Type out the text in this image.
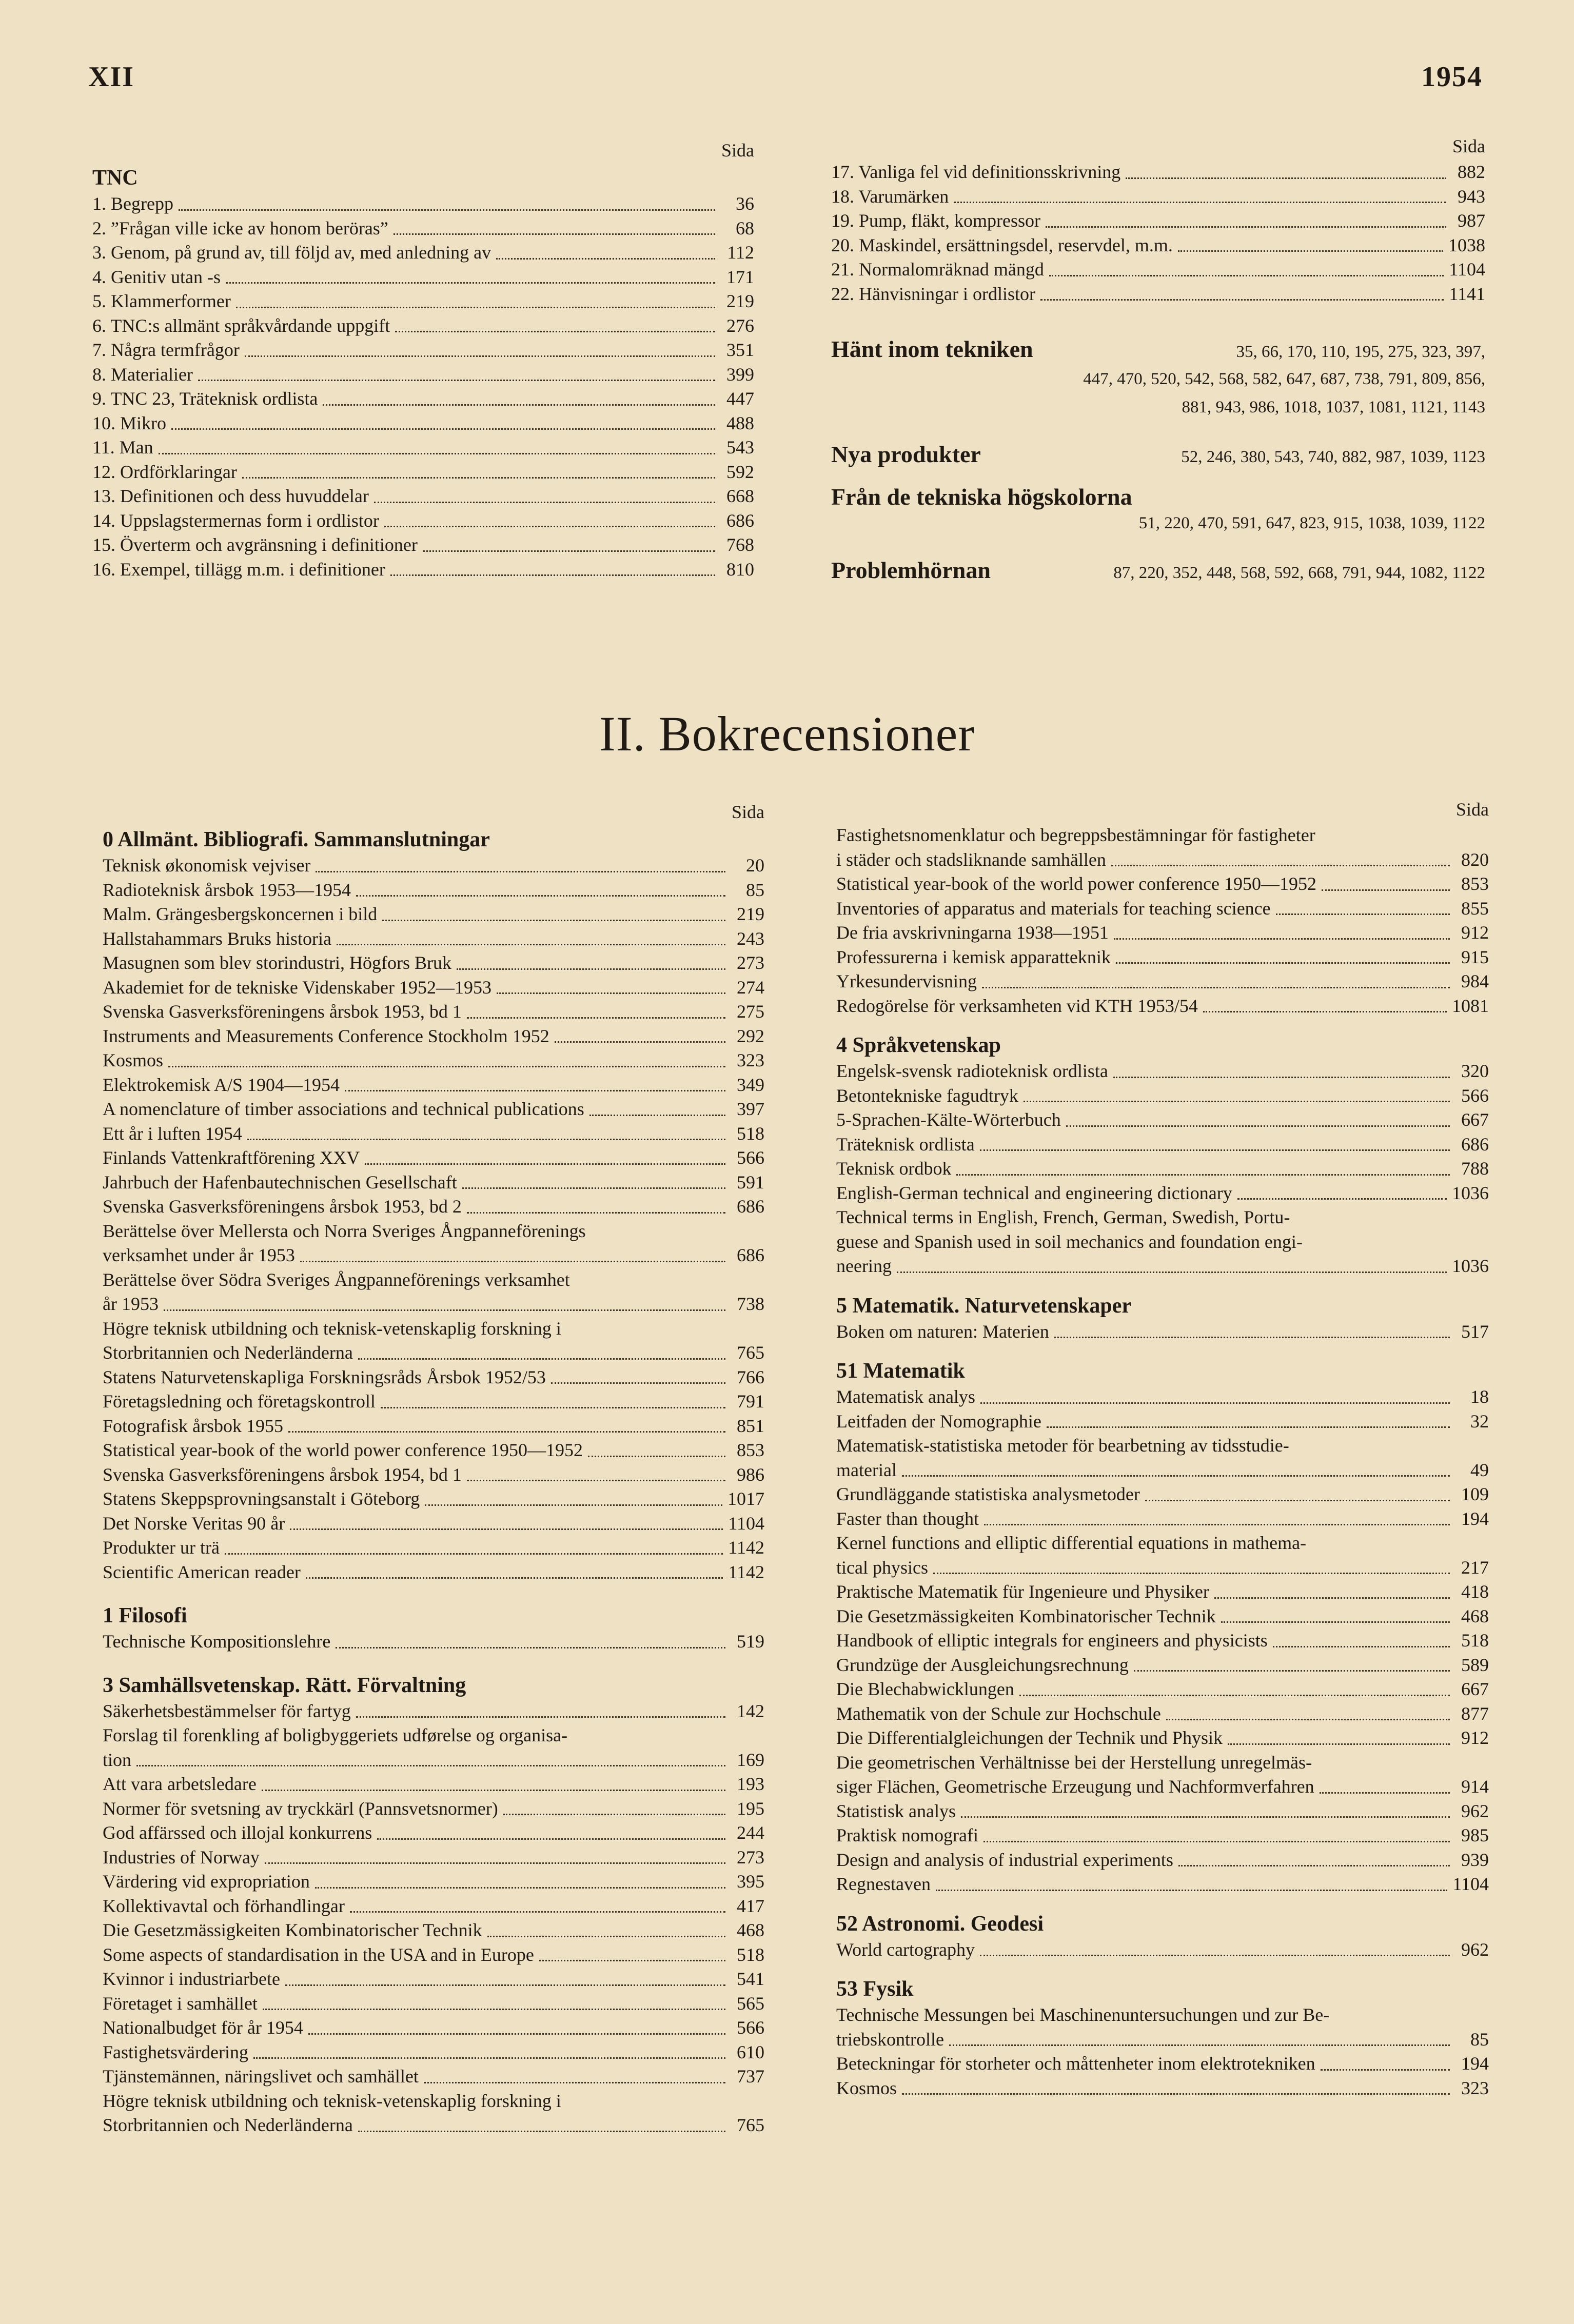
XII	1954
Sida
TNC
1. Begrepp	36
2. ”Frågan ville icke av honom beröras”	68
3. Genom, på grund av, till följd av, med anledning av	112
4. Genitiv utan -s	171
5. Klammerformer	219
6. TNC:s allmänt språkvårdande uppgift	276
7. Några termfrågor	351
8. Materialier	399
9. TNC 23, Träteknisk ordlista	447
10. Mikro	488
11. Man	543
12. Ordförklaringar	592
13. Definitionen och dess huvuddelar	668
14. Uppslagstermernas form i ordlistor	686
15. Överterm och avgränsning i definitioner	768
16. Exempel, tillägg m.m. i definitioner	810
Sida
17. Vanliga fel vid definitionsskrivning	882
18. Varumärken	943
19. Pump, fläkt, kompressor	987
20. Maskindel, ersättningsdel, reservdel, m.m.	1038
21. Normalomräknad mängd	1104
22. Hänvisningar i ordlistor	1141
Hänt inom tekniken	35, 66, 170, 110, 195, 275, 323, 397,
447, 470, 520, 542, 568, 582, 647, 687, 738, 791, 809, 856,
881, 943, 986, 1018, 1037, 1081, 1121, 1143
Nya produkter	52, 246, 380, 543, 740, 882, 987, 1039, 1123
Från de tekniska högskolorna
51, 220, 470, 591, 647, 823, 915, 1038, 1039, 1122
Problemhörnan	87, 220, 352, 448, 568, 592, 668, 791, 944, 1082, 1122
II. Bokrecensioner
Sida
0 Allmänt. Bibliografi. Sammanslutningar
Teknisk økonomisk vejviser	20
Radioteknisk årsbok 1953—1954	85
Malm. Grängesbergskoncernen i bild	219
Hallstahammars Bruks historia	243
Masugnen som blev storindustri, Högfors Bruk	273
Akademiet for de tekniske Videnskaber 1952—1953	274
Svenska Gasverksföreningens årsbok 1953, bd 1	275
Instruments and Measurements Conference Stockholm 1952	292
Kosmos	323
Elektrokemisk A/S 1904—1954	349
A nomenclature of timber associations and technical publications	397
Ett år i luften 1954	518
Finlands Vattenkraftförening XXV	566
Jahrbuch der Hafenbautechnischen Gesellschaft	591
Svenska Gasverksföreningens årsbok 1953, bd 2	686
Berättelse över Mellersta och Norra Sveriges Ångpanneförenings
verksamhet under år 1953	686
Berättelse över Södra Sveriges Ångpanneförenings verksamhet
år 1953	738
Högre teknisk utbildning och teknisk-vetenskaplig forskning i
Storbritannien och Nederländerna	765
Statens Naturvetenskapliga Forskningsråds Årsbok 1952/53	766
Företagsledning och företagskontroll	791
Fotografisk årsbok 1955	851
Statistical year-book of the world power conference 1950—1952	853
Svenska Gasverksföreningens årsbok 1954, bd 1	986
Statens Skeppsprovningsanstalt i Göteborg	1017
Det Norske Veritas 90 år	1104
Produkter ur trä	1142
Scientific American reader	1142
1 Filosofi
Technische Kompositionslehre	519
3 Samhällsvetenskap. Rätt. Förvaltning
Säkerhetsbestämmelser för fartyg	142
Forslag til forenkling af boligbyggeriets udførelse og organisa-
tion	169
Att vara arbetsledare	193
Normer för svetsning av tryckkärl (Pannsvetsnormer)	195
God affärssed och illojal konkurrens	244
Industries of Norway	273
Värdering vid expropriation	395
Kollektivavtal och förhandlingar	417
Die Gesetzmässigkeiten Kombinatorischer Technik	468
Some aspects of standardisation in the USA and in Europe	518
Kvinnor i industriarbete	541
Företaget i samhället	565
Nationalbudget för år 1954	566
Fastighetsvärdering	610
Tjänstemännen, näringslivet och samhället	737
Högre teknisk utbildning och teknisk-vetenskaplig forskning i
Storbritannien och Nederländerna	765
Sida
Fastighetsnomenklatur och begreppsbestämningar för fastigheter
i städer och stadsliknande samhällen	820
Statistical year-book of the world power conference 1950—1952	853
Inventories of apparatus and materials for teaching science	855
De fria avskrivningarna 1938—1951	912
Professurerna i kemisk apparatteknik	915
Yrkesundervisning	984
Redogörelse för verksamheten vid KTH 1953/54	1081
4 Språkvetenskap
Engelsk-svensk radioteknisk ordlista	320
Betontekniske fagudtryk	566
5-Sprachen-Kälte-Wörterbuch	667
Träteknisk ordlista	686
Teknisk ordbok	788
English-German technical and engineering dictionary	1036
Technical terms in English, French, German, Swedish, Portu-
guese and Spanish used in soil mechanics and foundation engi-
neering	1036
5 Matematik. Naturvetenskaper
Boken om naturen: Materien	517
51 Matematik
Matematisk analys	18
Leitfaden der Nomographie	32
Matematisk-statistiska metoder för bearbetning av tidsstudie-
material	49
Grundläggande statistiska analysmetoder	109
Faster than thought	194
Kernel functions and elliptic differential equations in mathema-
tical physics	217
Praktische Matematik für Ingenieure und Physiker	418
Die Gesetzmässigkeiten Kombinatorischer Technik	468
Handbook of elliptic integrals for engineers and physicists	518
Grundzüge der Ausgleichungsrechnung	589
Die Blechabwicklungen	667
Mathematik von der Schule zur Hochschule	877
Die Differentialgleichungen der Technik und Physik	912
Die geometrischen Verhältnisse bei der Herstellung unregelmäs-
siger Flächen, Geometrische Erzeugung und Nachformverfahren	914
Statistisk analys	962
Praktisk nomografi	985
Design and analysis of industrial experiments	939
Regnestaven	1104
52 Astronomi. Geodesi
World cartography	962
53 Fysik
Technische Messungen bei Maschinenuntersuchungen und zur Be-
triebskontrolle	85
Beteckningar för storheter och måttenheter inom elektrotekniken	194
Kosmos	323
